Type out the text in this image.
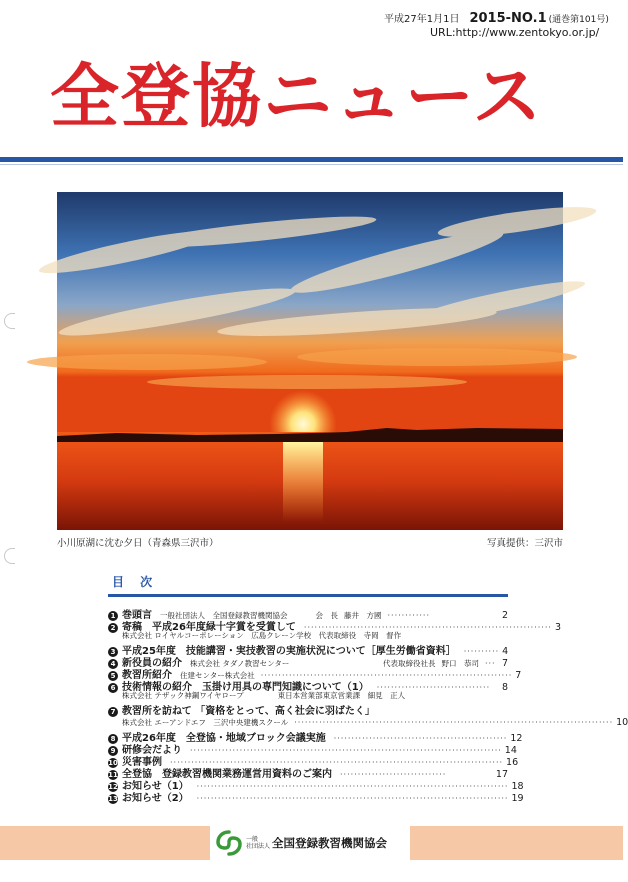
平成27年1月1日 2015-NO.1 (通巻第101号)
URL:http://www.zentokyo.or.jp/
全登協ニュース
小川原湖に沈む夕日（青森県三沢市）	写真提供：三沢市
目 次
1 巻頭言 一般社団法人　全国登録教習機関協会	会　長 藤井　方國 ············	2
2 寄稿　平成26年度緑十字賞を受賞して ······································································ 3
株式会社 ロイヤルコーポレーション　広島クレーン学校　代表取締役　寺岡　督作
3 平成25年度　技能講習・実技教習の実施状況について［厚生労働省資料］ ·········· 4
4 新役員の紹介 株式会社 タダノ教習センター	代表取締役社長 野口　恭司 ··· 7
5 教習所紹介 住建センター株式会社 ······································································· 7
6 技術情報の紹介　玉掛け用具の専門知識について（1） ································	8
株式会社 テザック神鋼ワイヤロープ	東日本営業部東京営業課　細見　正人
7 教習所を訪ねて 「資格をとって、高く社会に羽ばたく」
株式会社 エーアンドエフ　三沢中央建機スクール ·························································································· 10
8 平成26年度　全登協・地域ブロック会議実施 ················································· 12
9 研修会だより ························································································ 14
10 災害事例 ······························································································ 16
11 全登協　登録教習機関業務運営用資料のご案内 ······························	17
12 お知らせ（1） ························································································ 18
13 お知らせ（2） ························································································ 19
一般
社団法人 全国登録教習機関協会
